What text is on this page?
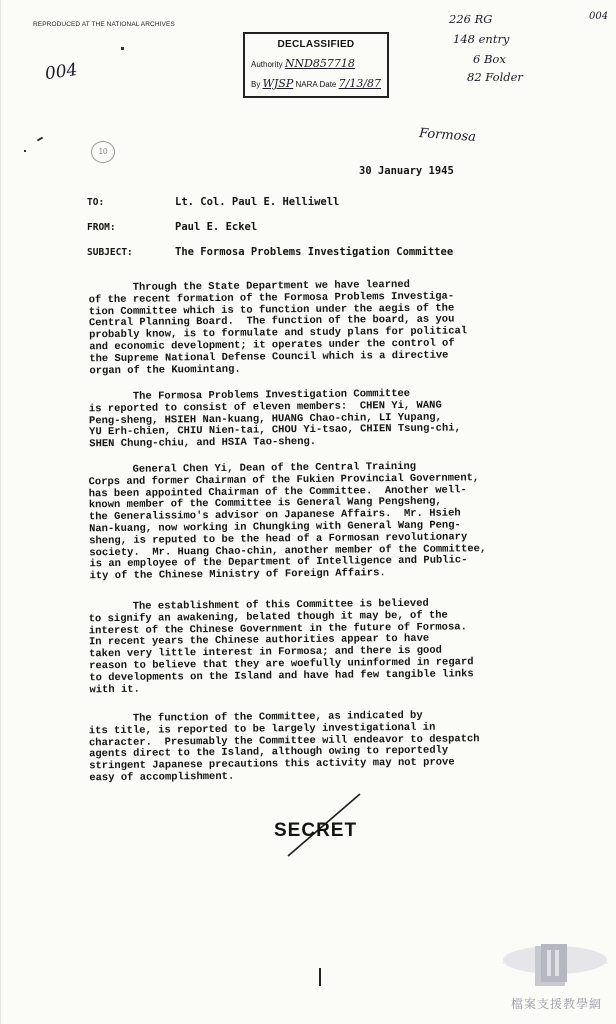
REPRODUCED AT THE NATIONAL ARCHIVES
DECLASSIFIED
Authority NND857718
By WJSP NARA Date 7/13/87
004
226 RG
148 entry
6 Box
82 Folder
004
Formosa
10
30 January 1945
TO:	Lt. Col. Paul E. Helliwell
FROM:	Paul E. Eckel
SUBJECT:	The Formosa Problems Investigation Committee
Through the State Department we have learned
of the recent formation of the Formosa Problems Investiga-
tion Committee which is to function under the aegis of the
Central Planning Board.  The function of the board, as you
probably know, is to formulate and study plans for political
and economic development; it operates under the control of
the Supreme National Defense Council which is a directive
organ of the Kuomintang.
The Formosa Problems Investigation Committee
is reported to consist of eleven members:  CHEN Yi, WANG
Peng-sheng, HSIEH Nan-kuang, HUANG Chao-chin, LI Yupang,
YU Erh-chien, CHIU Nien-tai, CHOU Yi-tsao, CHIEN Tsung-chi,
SHEN Chung-chiu, and HSIA Tao-sheng.
General Chen Yi, Dean of the Central Training
Corps and former Chairman of the Fukien Provincial Government,
has been appointed Chairman of the Committee.  Another well-
known member of the Committee is General Wang Pengsheng,
the Generalissimo's advisor on Japanese Affairs.  Mr. Hsieh
Nan-kuang, now working in Chungking with General Wang Peng-
sheng, is reputed to be the head of a Formosan revolutionary
society.  Mr. Huang Chao-chin, another member of the Committee,
is an employee of the Department of Intelligence and Public-
ity of the Chinese Ministry of Foreign Affairs.
The establishment of this Committee is believed
to signify an awakening, belated though it may be, of the
interest of the Chinese Government in the future of Formosa.
In recent years the Chinese authorities appear to have
taken very little interest in Formosa; and there is good
reason to believe that they are woefully uninformed in regard
to developments on the Island and have had few tangible links
with it.
The function of the Committee, as indicated by
its title, is reported to be largely investigational in
character.  Presumably the Committee will endeavor to despatch
agents direct to the Island, although owing to reportedly
stringent Japanese precautions this activity may not prove
easy of accomplishment.
SECRET
檔案支援教學網
